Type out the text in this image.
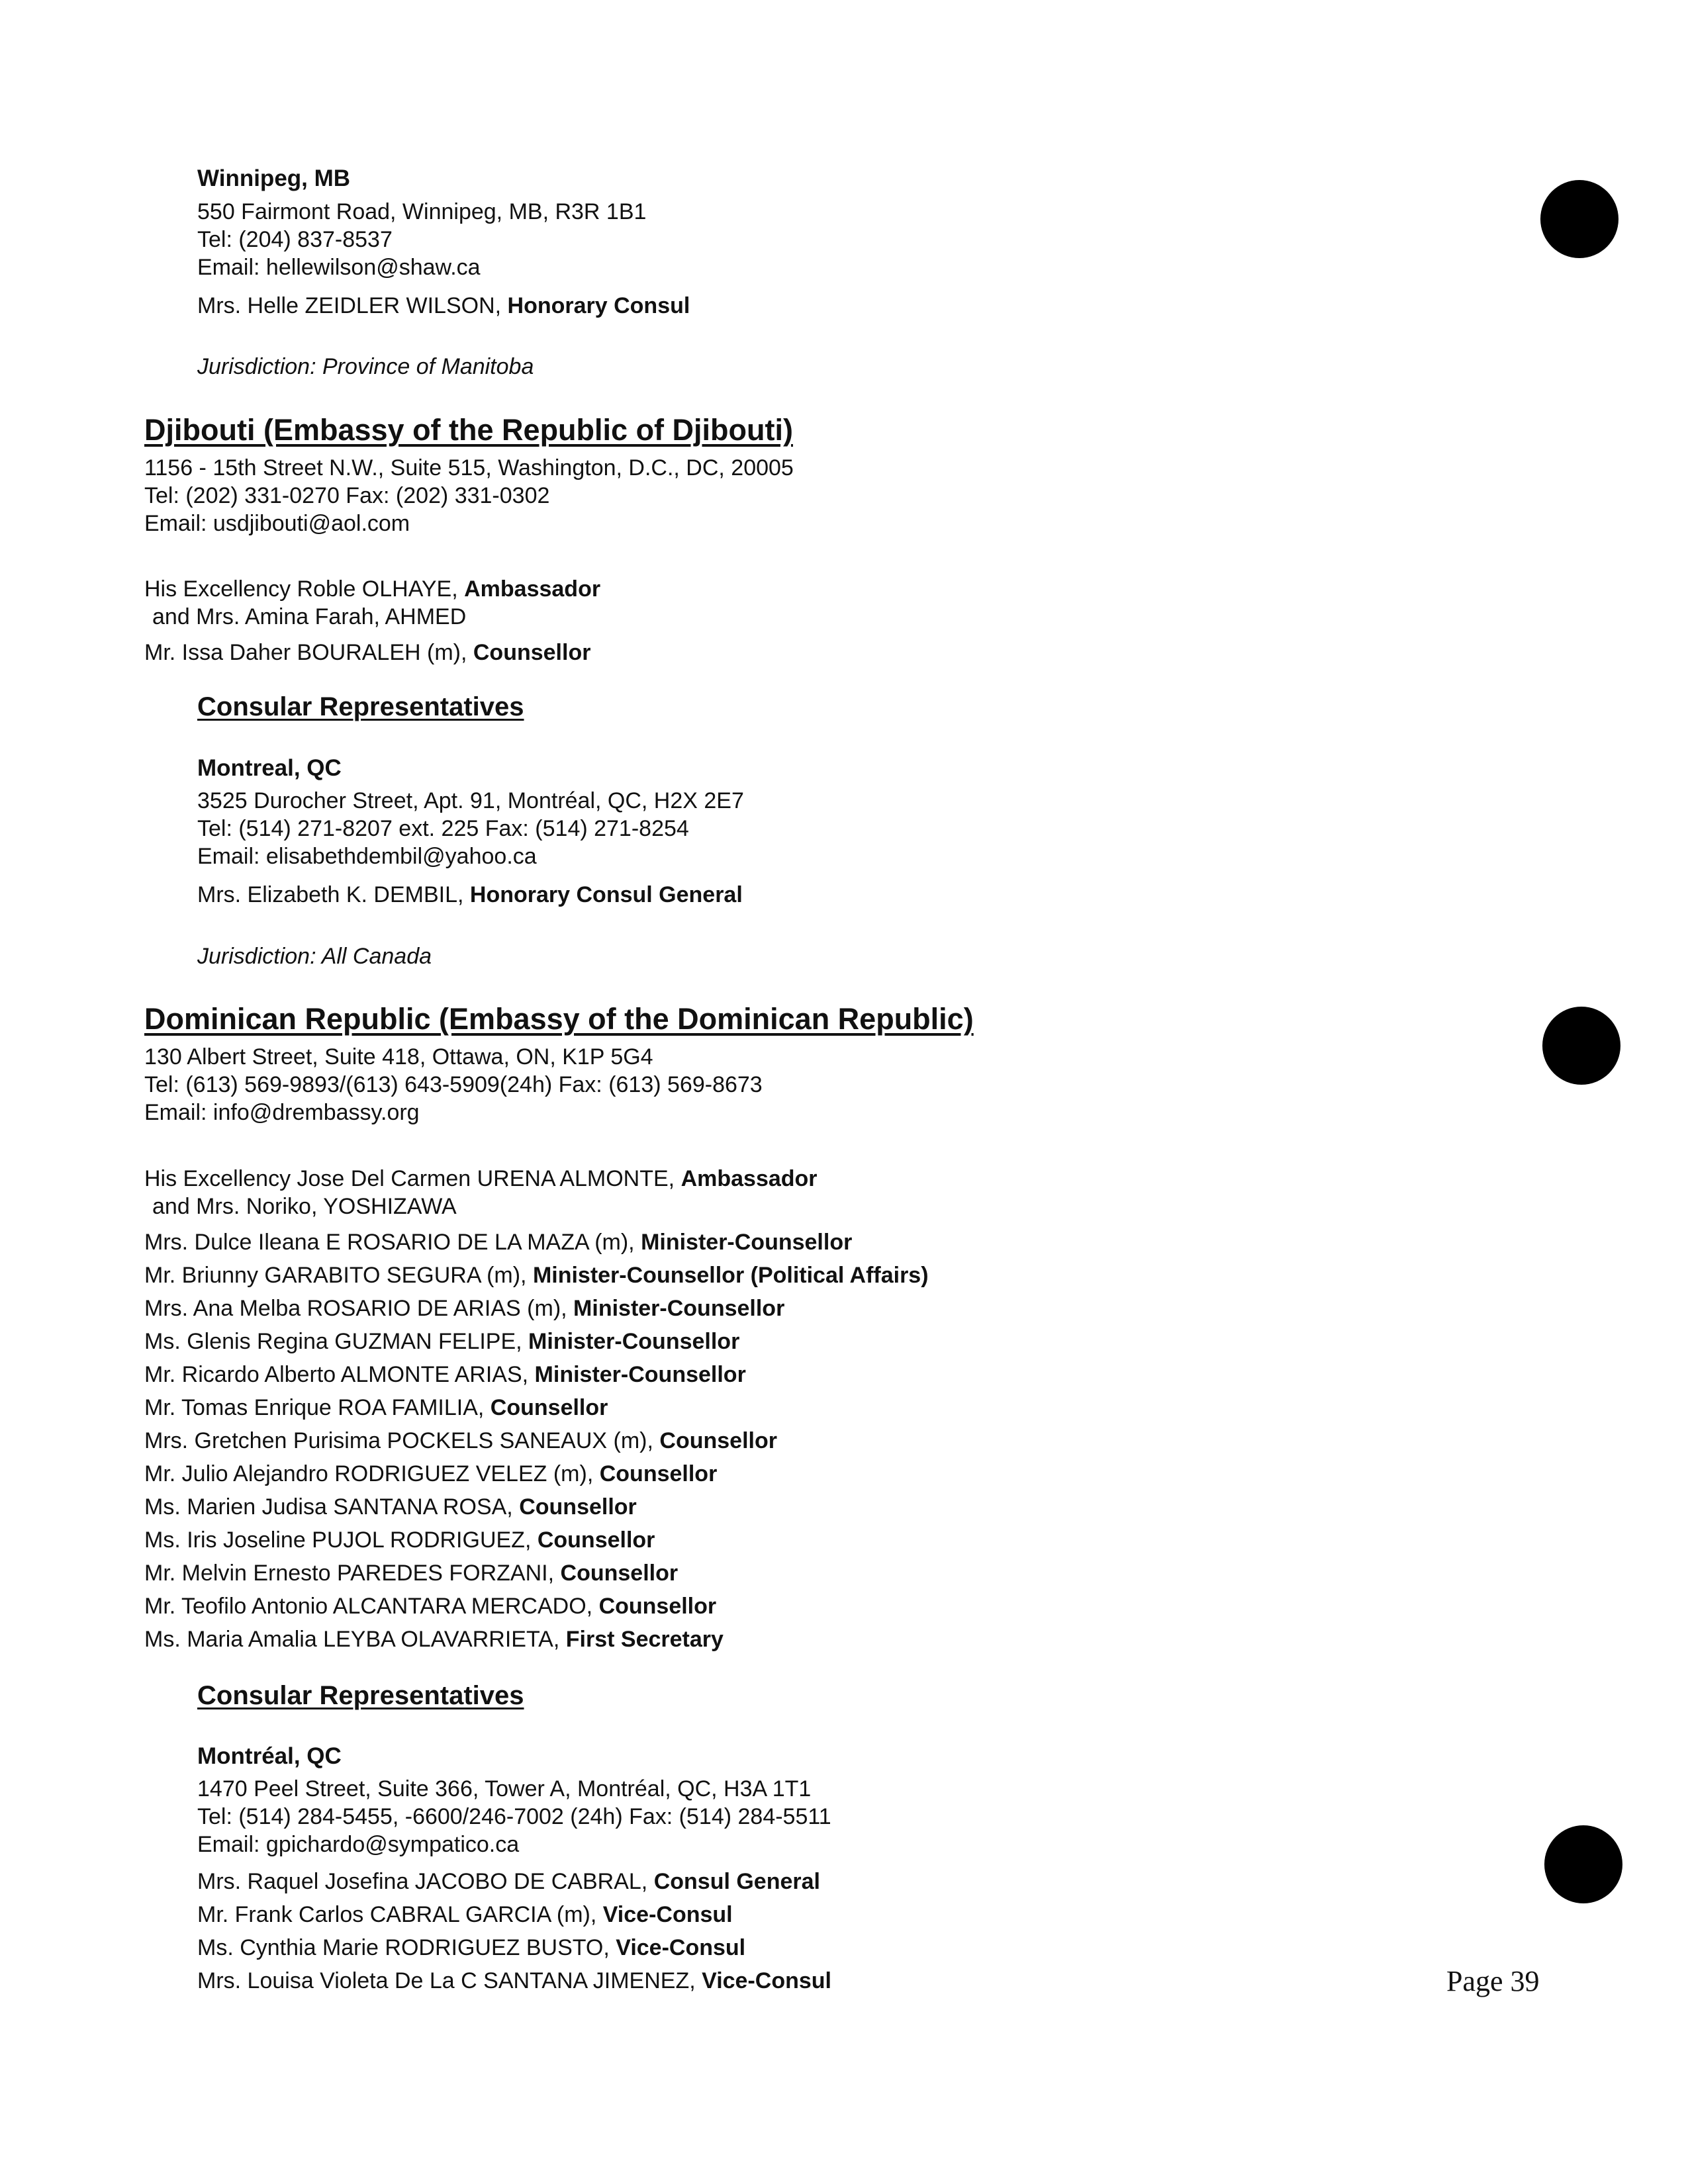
Winnipeg, MB
550 Fairmont Road, Winnipeg, MB, R3R 1B1
Tel: (204) 837-8537
Email: hellewilson@shaw.ca
Mrs. Helle ZEIDLER WILSON, Honorary Consul
Jurisdiction: Province of Manitoba
Djibouti (Embassy of the Republic of Djibouti)
1156 - 15th Street N.W., Suite 515, Washington, D.C., DC, 20005
Tel: (202) 331-0270 Fax: (202) 331-0302
Email: usdjibouti@aol.com
His Excellency Roble OLHAYE, Ambassador
and Mrs. Amina Farah, AHMED
Mr. Issa Daher BOURALEH (m), Counsellor
Consular Representatives
Montreal, QC
3525 Durocher Street, Apt. 91, Montréal, QC, H2X 2E7
Tel: (514) 271-8207 ext. 225 Fax: (514) 271-8254
Email: elisabethdembil@yahoo.ca
Mrs. Elizabeth K. DEMBIL, Honorary Consul General
Jurisdiction: All Canada
Dominican Republic (Embassy of the Dominican Republic)
130 Albert Street, Suite 418, Ottawa, ON, K1P 5G4
Tel: (613) 569-9893/(613) 643-5909(24h) Fax: (613) 569-8673
Email: info@drembassy.org
His Excellency Jose Del Carmen URENA ALMONTE, Ambassador
and Mrs. Noriko, YOSHIZAWA
Mrs. Dulce Ileana E ROSARIO DE LA MAZA (m), Minister-Counsellor
Mr. Briunny GARABITO SEGURA (m), Minister-Counsellor (Political Affairs)
Mrs. Ana Melba ROSARIO DE ARIAS (m), Minister-Counsellor
Ms. Glenis Regina GUZMAN FELIPE, Minister-Counsellor
Mr. Ricardo Alberto ALMONTE ARIAS, Minister-Counsellor
Mr. Tomas Enrique ROA FAMILIA, Counsellor
Mrs. Gretchen Purisima POCKELS SANEAUX (m), Counsellor
Mr. Julio Alejandro RODRIGUEZ VELEZ (m), Counsellor
Ms. Marien Judisa SANTANA ROSA, Counsellor
Ms. Iris Joseline PUJOL RODRIGUEZ, Counsellor
Mr. Melvin Ernesto PAREDES FORZANI, Counsellor
Mr. Teofilo Antonio ALCANTARA MERCADO, Counsellor
Ms. Maria Amalia LEYBA OLAVARRIETA, First Secretary
Consular Representatives
Montréal, QC
1470 Peel Street, Suite 366, Tower A, Montréal, QC, H3A 1T1
Tel: (514) 284-5455, -6600/246-7002 (24h) Fax: (514) 284-5511
Email: gpichardo@sympatico.ca
Mrs. Raquel Josefina JACOBO DE CABRAL, Consul General
Mr. Frank Carlos CABRAL GARCIA (m), Vice-Consul
Ms. Cynthia Marie RODRIGUEZ BUSTO, Vice-Consul
Mrs. Louisa Violeta De La C SANTANA JIMENEZ, Vice-Consul	Page 39
